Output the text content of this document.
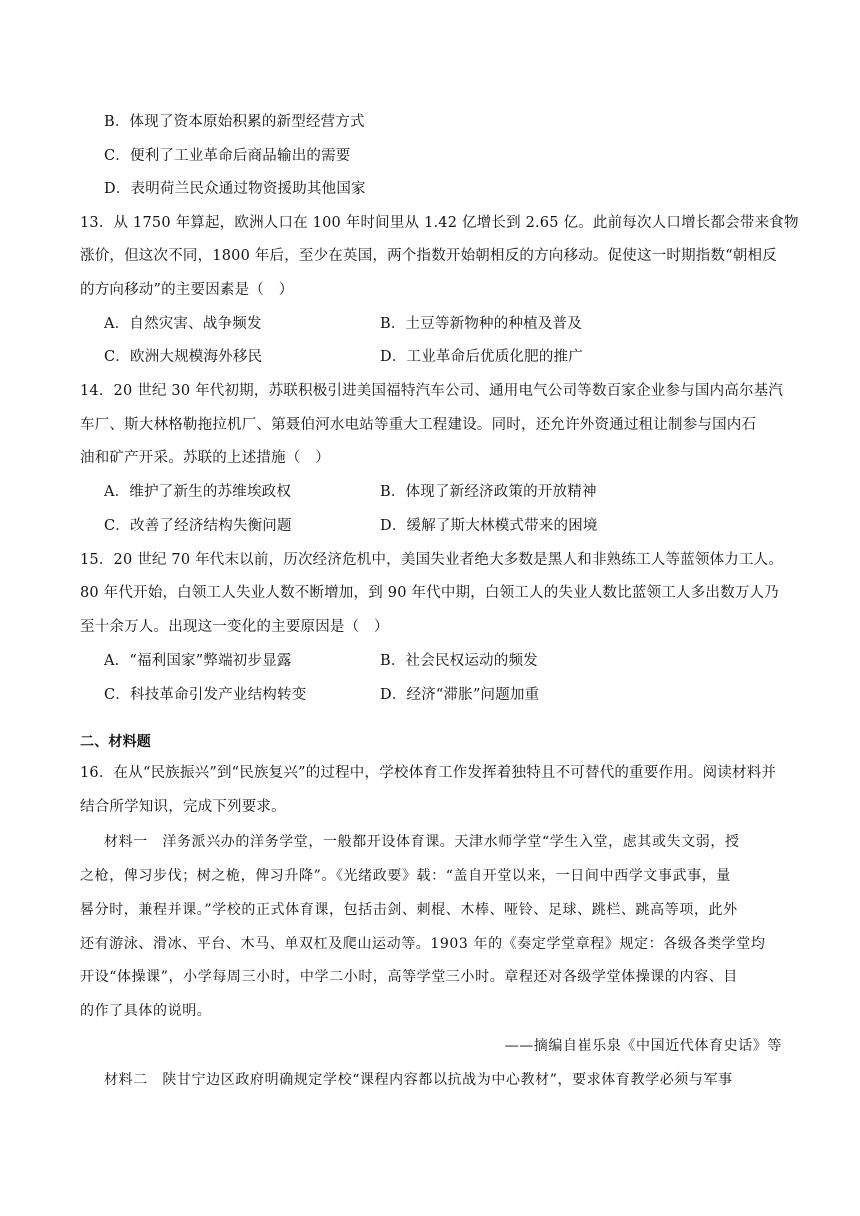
B．体现了资本原始积累的新型经营方式
C．便利了工业革命后商品输出的需要
D．表明荷兰民众通过物资援助其他国家
13．从 1750 年算起，欧洲人口在 100 年时间里从 1.42 亿增长到 2.65 亿。此前每次人口增长都会带来食物
涨价，但这次不同，1800 年后，至少在英国，两个指数开始朝相反的方向移动。促使这一时期指数“朝相反
的方向移动”的主要因素是（　）
A．自然灾害、战争频发	B．土豆等新物种的种植及普及
C．欧洲大规模海外移民	D．工业革命后优质化肥的推广
14．20 世纪 30 年代初期，苏联积极引进美国福特汽车公司、通用电气公司等数百家企业参与国内高尔基汽
车厂、斯大林格勒拖拉机厂、第聂伯河水电站等重大工程建设。同时，还允许外资通过租让制参与国内石
油和矿产开采。苏联的上述措施（　）
A．维护了新生的苏维埃政权	B．体现了新经济政策的开放精神
C．改善了经济结构失衡问题	D．缓解了斯大林模式带来的困境
15．20 世纪 70 年代末以前，历次经济危机中，美国失业者绝大多数是黑人和非熟练工人等蓝领体力工人。
80 年代开始，白领工人失业人数不断增加，到 90 年代中期，白领工人的失业人数比蓝领工人多出数万人乃
至十余万人。出现这一变化的主要原因是（　）
A．“福利国家”弊端初步显露	B．社会民权运动的频发
C．科技革命引发产业结构转变	D．经济“滞胀”问题加重
二、材料题
16．在从“民族振兴”到“民族复兴”的过程中，学校体育工作发挥着独特且不可替代的重要作用。阅读材料并
结合所学知识，完成下列要求。
材料一　洋务派兴办的洋务学堂，一般都开设体育课。天津水师学堂“学生入堂，虑其或失文弱，授
之枪，俾习步伐；树之桅，俾习升降”。《光绪政要》载：“盖自开堂以来，一日间中西学文事武事，量
晷分时，兼程并课。”学校的正式体育课，包括击剑、刺棍、木棒、哑铃、足球、跳栏、跳高等项，此外
还有游泳、滑冰、平台、木马、单双杠及爬山运动等。1903 年的《奏定学堂章程》规定：各级各类学堂均
开设“体操课”，小学每周三小时，中学二小时，高等学堂三小时。章程还对各级学堂体操课的内容、目
的作了具体的说明。
——摘编自崔乐泉《中国近代体育史话》等
材料二　陕甘宁边区政府明确规定学校“课程内容都以抗战为中心教材”，要求体育教学必须与军事
